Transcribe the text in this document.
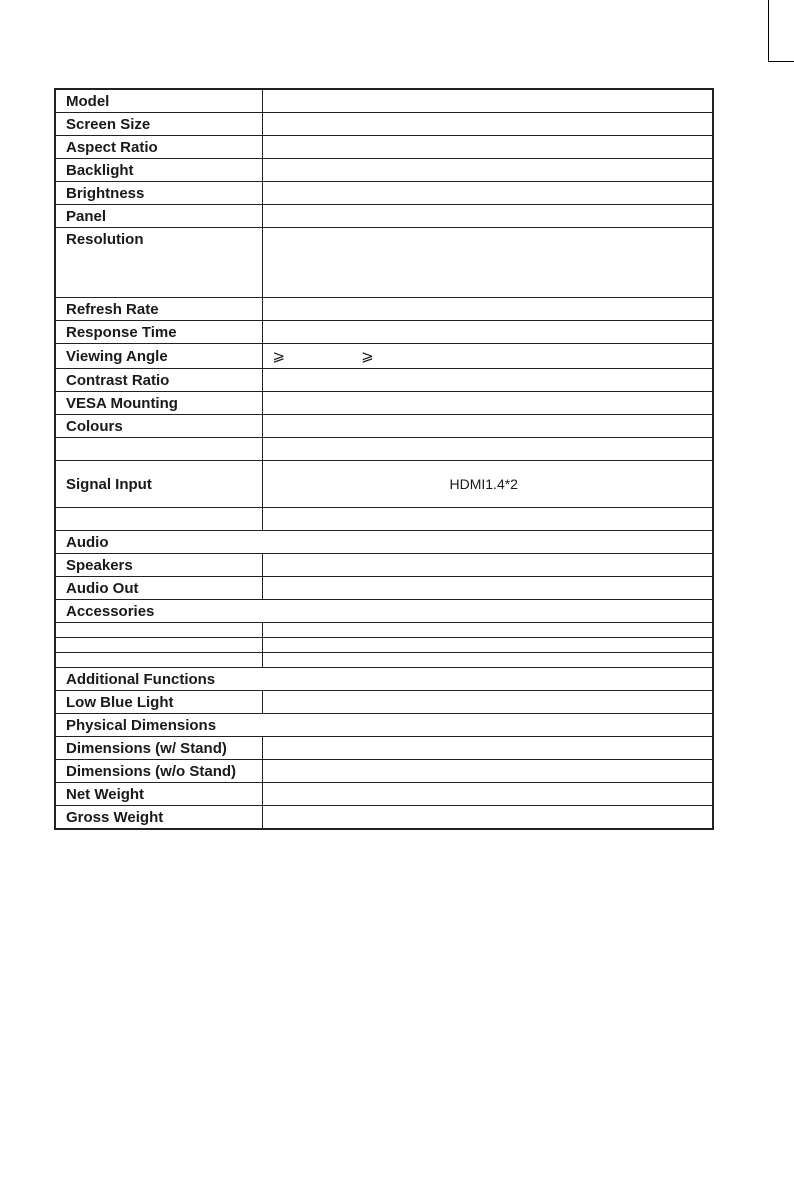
Model	
Screen Size	
Aspect Ratio	
Backlight	
Brightness	
Panel	
Resolution	
Refresh Rate	
Response Time	
Viewing Angle	⩾ ⩾
Contrast Ratio	
VESA Mounting	
Colours	

Signal Input	HDMI1.4*2

Audio	
Speakers	
Audio Out	
Accessories	

Additional Functions	
Low Blue Light	
Physical Dimensions	
Dimensions (w/ Stand)	
Dimensions (w/o Stand)	
Net Weight	
Gross Weight	
